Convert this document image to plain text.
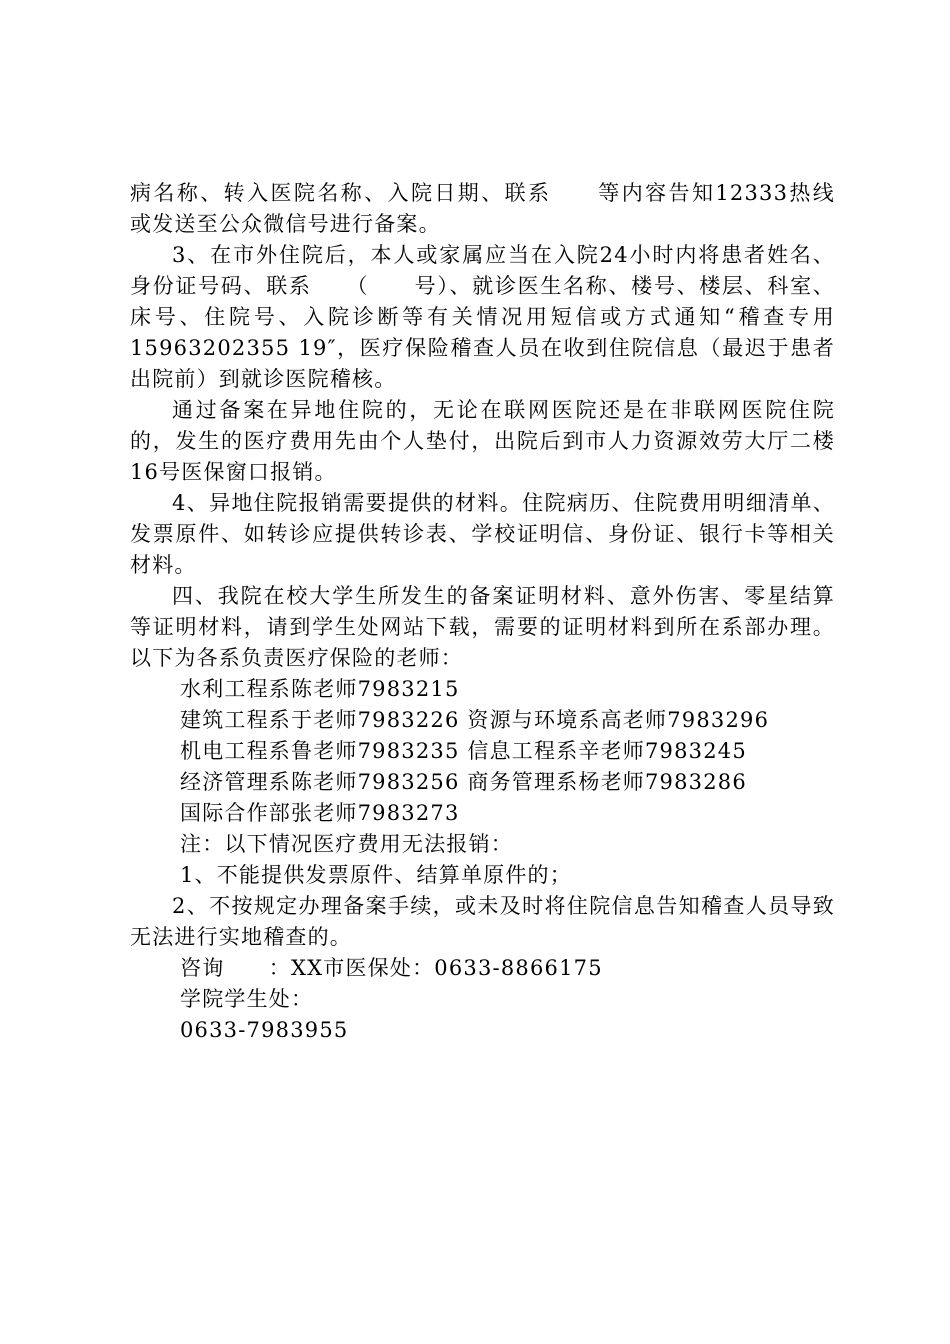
病名称、转入医院名称、入院日期、联系　　等内容告知12333热线　　或发送至公众微信号进行备案。

3、在市外住院后，本人或家属应当在入院24小时内将患者姓名、身份证号码、联系　　（　　号）、就诊医生名称、楼号、楼层、科室、床号、住院号、入院诊断等有关情况用短信或方式通知“稽查专用　　15963202355 19″，医疗保险稽查人员在收到住院信息（最迟于患者出院前）到就诊医院稽核。

通过备案在异地住院的，无论在联网医院还是在非联网医院住院的，发生的医疗费用先由个人垫付，出院后到市人力资源效劳大厅二楼16号医保窗口报销。

4、异地住院报销需要提供的材料。住院病历、住院费用明细清单、发票原件、如转诊应提供转诊表、学校证明信、身份证、银行卡等相关材料。

四、我院在校大学生所发生的备案证明材料、意外伤害、零星结算等证明材料，请到学生处网站下载，需要的证明材料到所在系部办理。以下为各系负责医疗保险的老师：

水利工程系陈老师7983215

建筑工程系于老师7983226 资源与环境系高老师7983296

机电工程系鲁老师7983235 信息工程系辛老师7983245

经济管理系陈老师7983256 商务管理系杨老师7983286

国际合作部张老师7983273

注：以下情况医疗费用无法报销：

1、不能提供发票原件、结算单原件的；

2、不按规定办理备案手续，或未及时将住院信息告知稽查人员导致无法进行实地稽查的。

咨询　　：XX市医保处：0633-8866175

学院学生处：

0633-7983955
